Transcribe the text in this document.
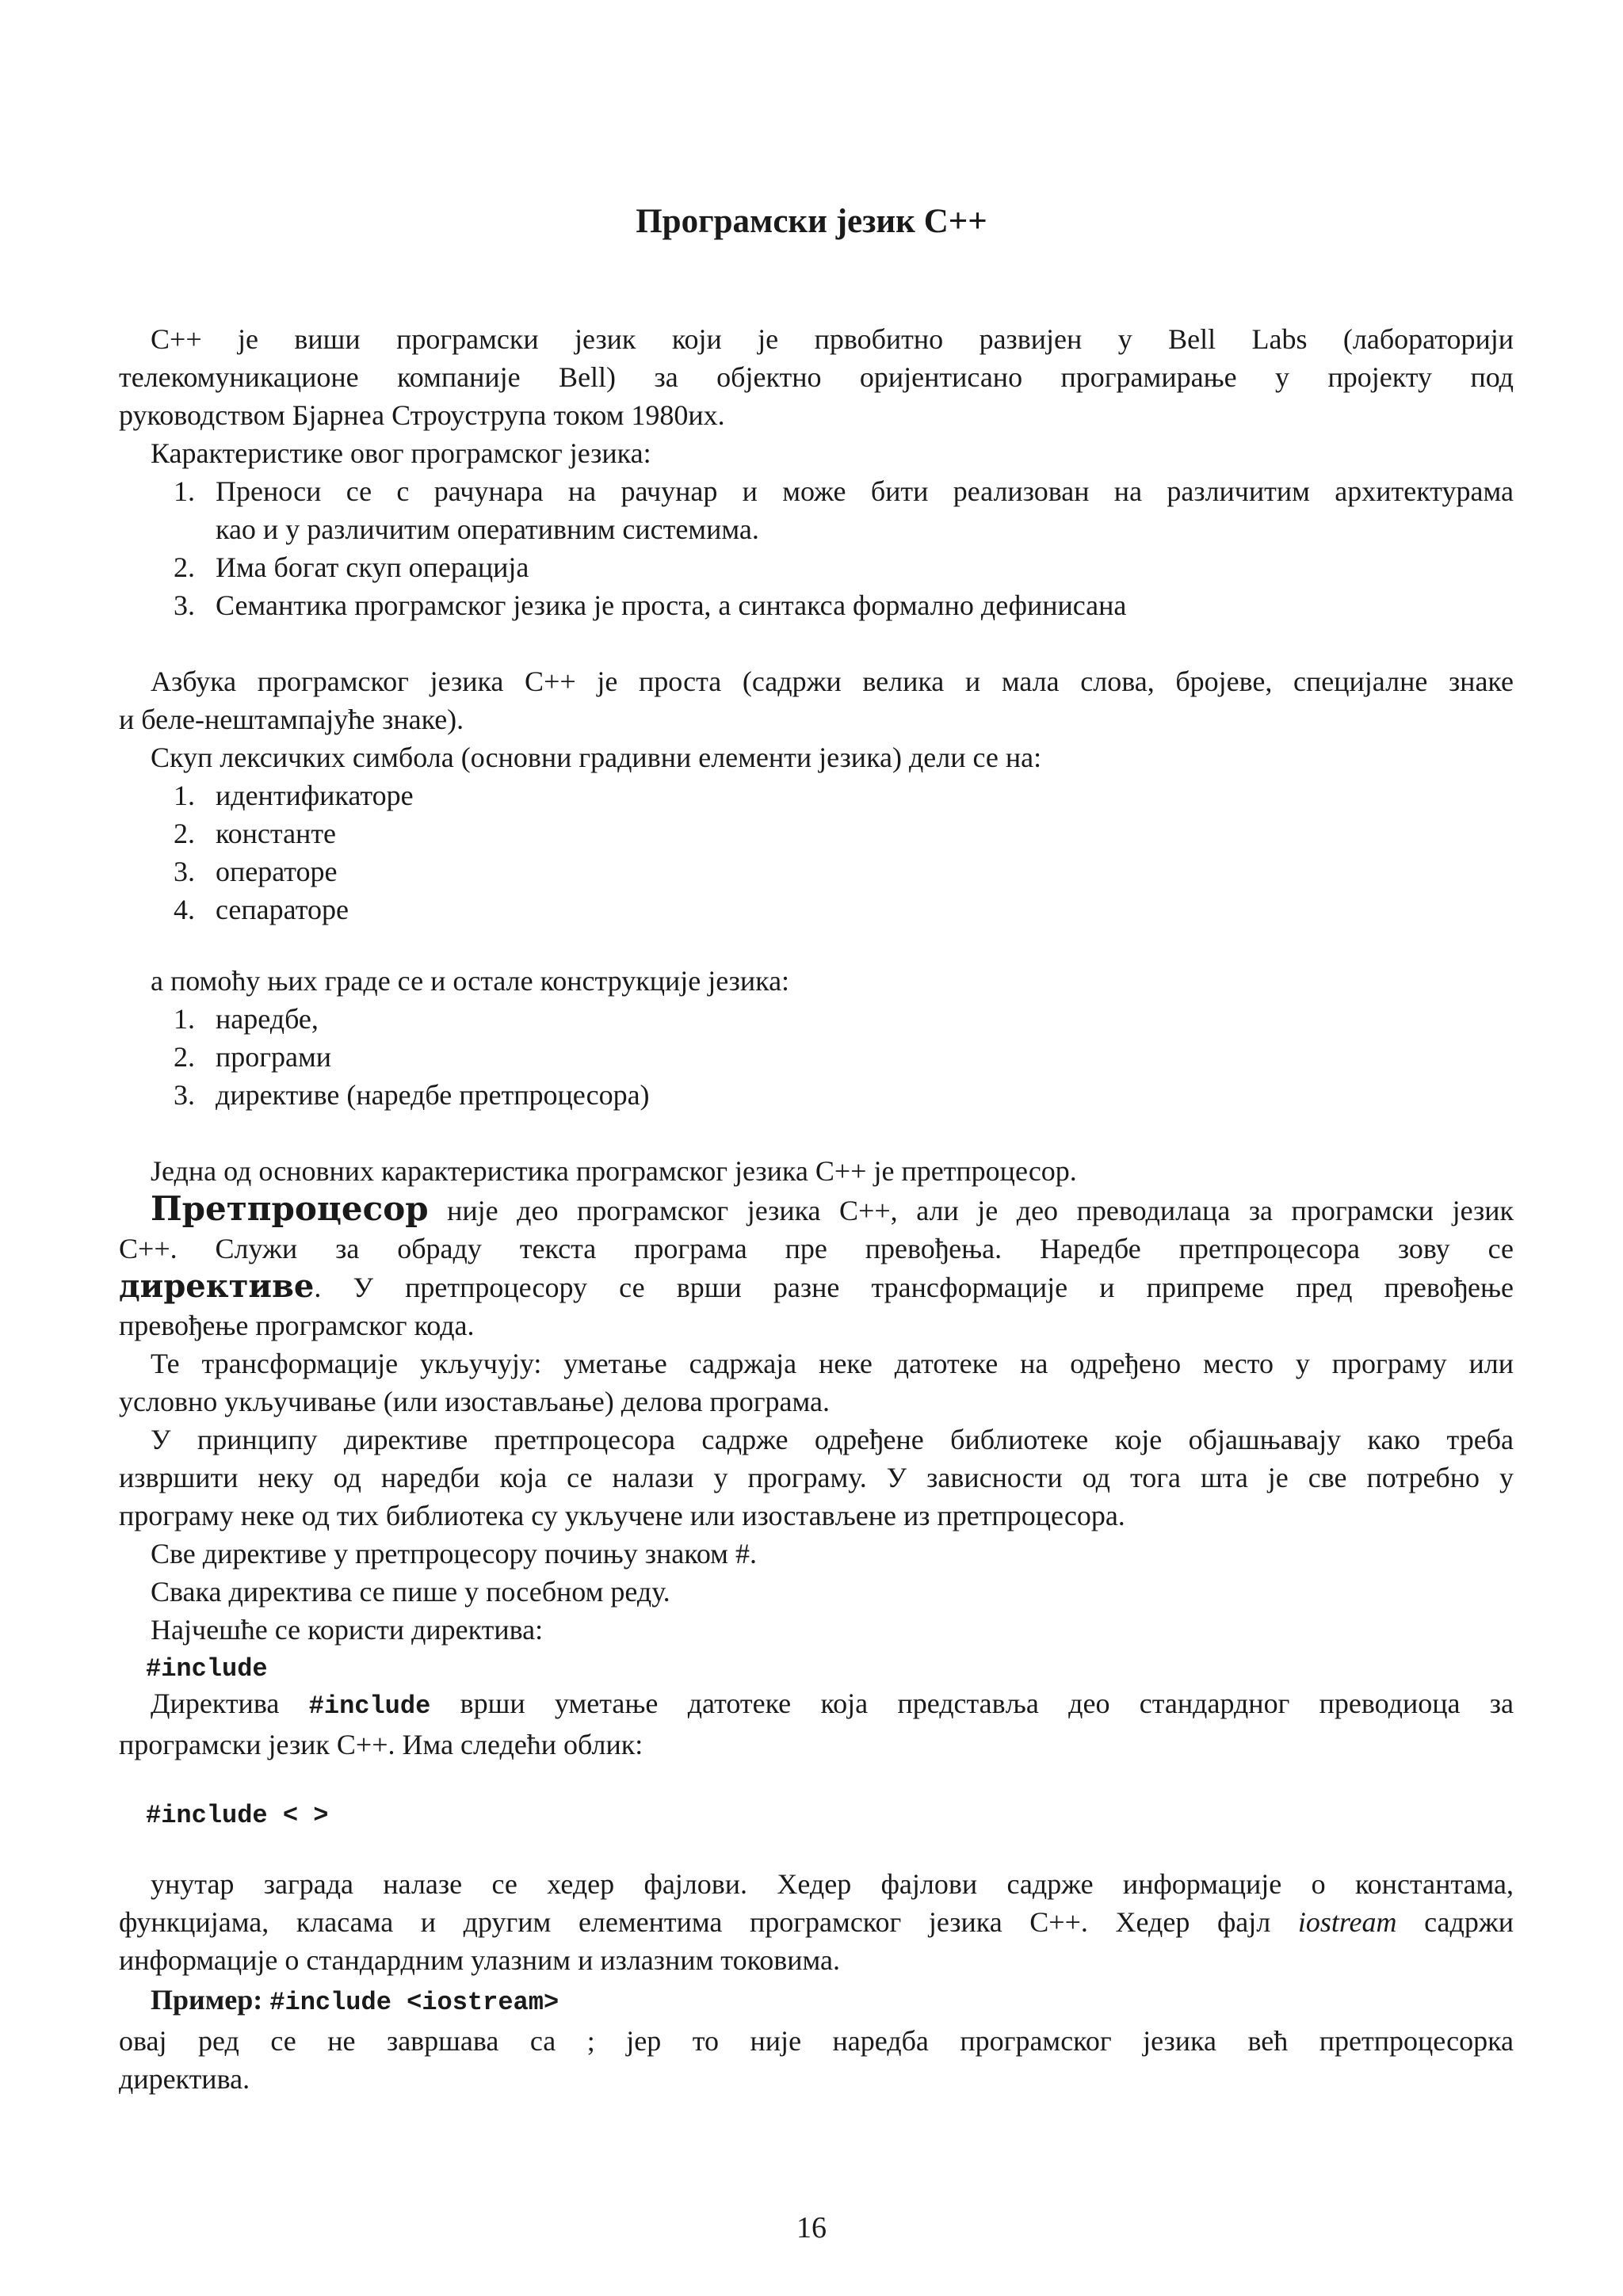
Програмски језик C++
C++ је виши програмски језик који је првобитно развијен у Bell Labs (лабораторији
телекомуникационе компаније Bell) за објектно оријентисано програмирање у пројекту под
руководством Бјарнеа Строуструпа током 1980их.
Карактеристике овог програмског језика:
1 . Преноси се с рачунара на рачунар и може бити реализован на различитим архитектурама
као и у различитим оперативним системима.
2 . Има богат скуп операција
3 . Семантика програмског језика је проста, а синтакса формално дефинисана
Азбука програмског језика C++ је проста (садржи велика и мала слова, бројеве, специјалне знаке
и беле-нештампајуће знаке).
Скуп лексичких симбола (основни градивни елементи језика) дели се на:
1 . идентификаторе
2 . константе
3 . операторе
4 . сепараторе
а помоћу њих граде се и остале конструкције језика:
1 . наредбе,
2 . програми
3 . директиве (наредбе претпроцесора)
Једна од основних карактеристика програмског језика C++ је претпроцесор.
Претпроцесор није део програмског језика C++, али је део преводилаца за програмски језик
C++. Служи за обраду текста програма пре превођења. Наредбе претпроцесора зову се
директиве. У претпроцесору се врши разне трансформације и припреме пред превођење
превођење програмског кода.
Те трансформације укључују: уметање садржаја неке датотеке на одређено место у програму или
условно укључивање (или изостављање) делова програма.
У принципу директиве претпроцесора садрже одређене библиотеке које објашњавају како треба
извршити неку од наредби која се налази у програму. У зависности од тога шта је све потребно у
програму неке од тих библиотека су укључене или изостављене из претпроцесора.
Све директиве у претпроцесору почињу знаком #.
Свака директива се пише у посебном реду.
Најчешће се користи директива:
#include
Директива #include врши уметање датотеке која представља део стандардног преводиоца за
програмски језик C++. Има следећи облик:
#include < >
унутар заграда налазе се хедер фајлови. Хедер фајлови садрже информације о константама,
функцијама, класама и другим елементима програмског језика C++. Хедер фајл iostream садржи
информације о стандардним улазним и излазним токовима.
Пример: #include <iostream>
овај ред се не завршава са ; јер то није наредба програмског језика већ претпроцесорка
директива.
16
